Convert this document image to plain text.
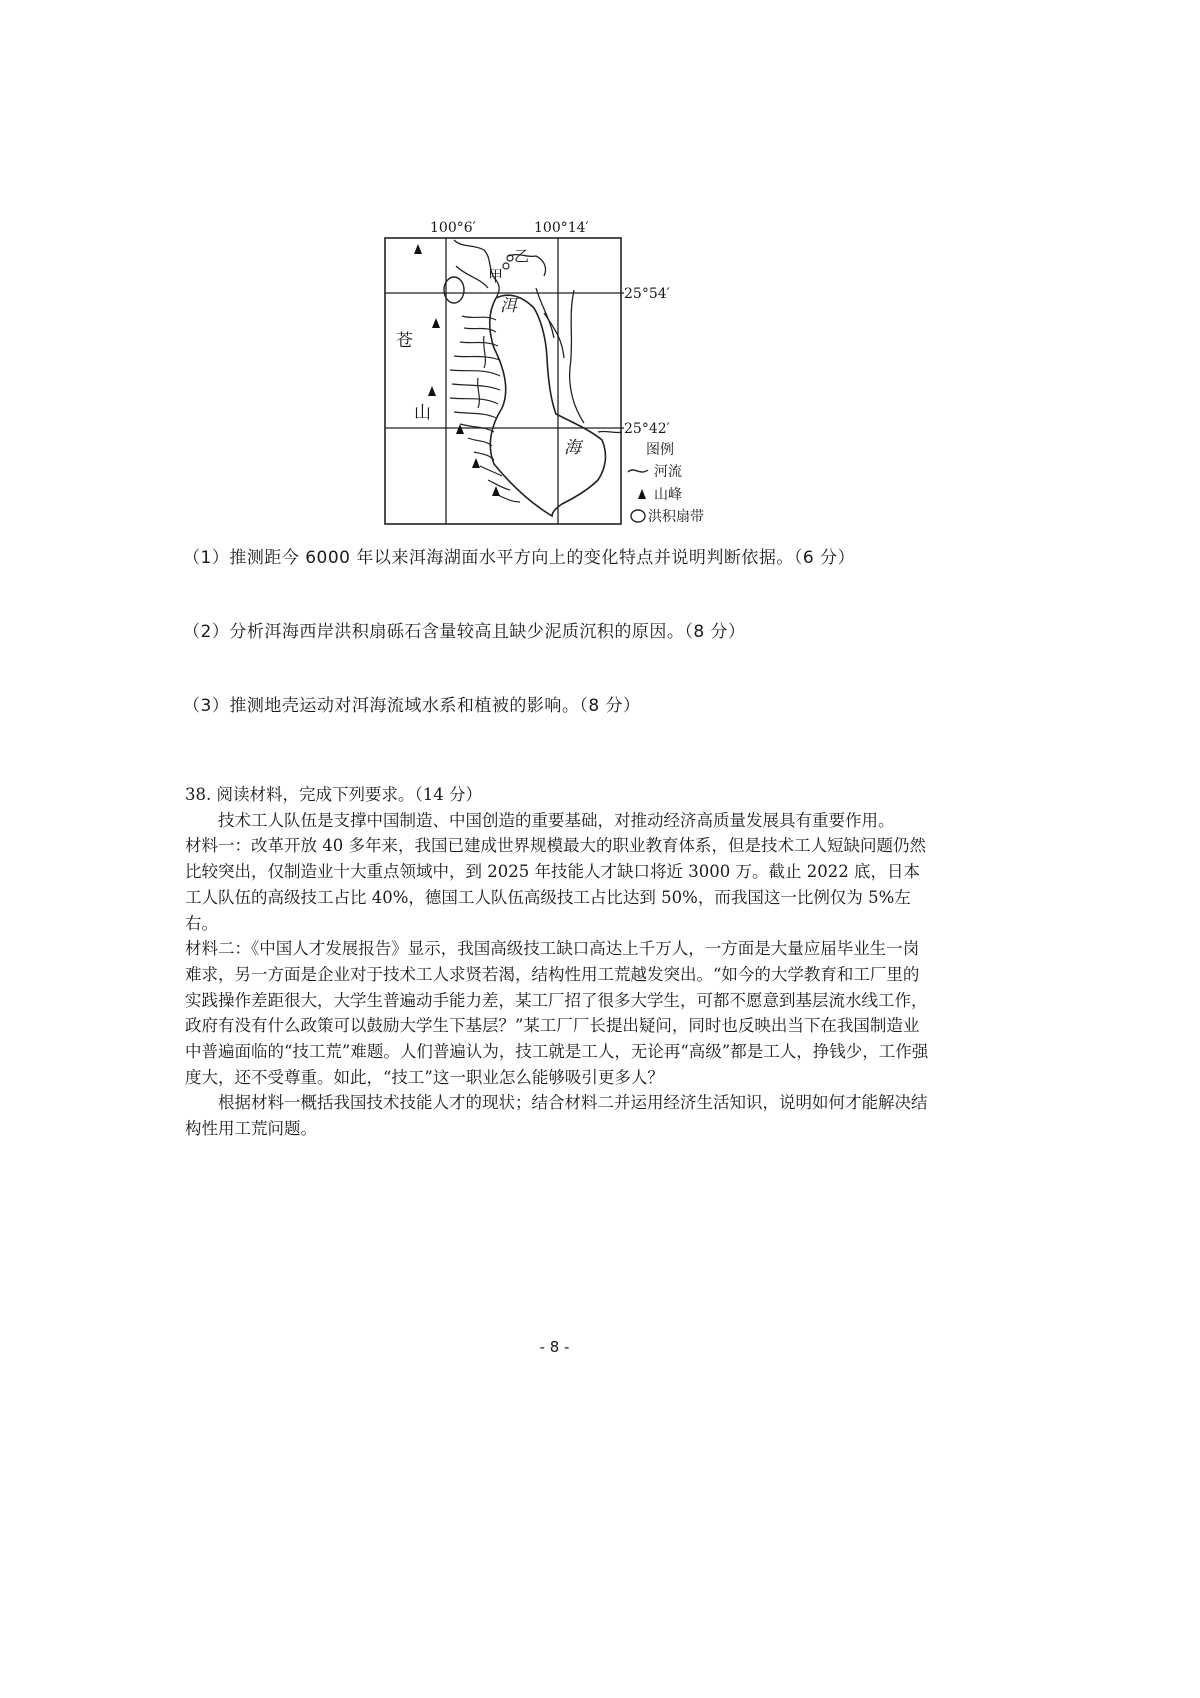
100°6′	100°14′
25°54′
25°42′
乙
甲
洱
海
苍
山
图例
河流
山峰
洪积扇带
（1）推测距今 6000 年以来洱海湖面水平方向上的变化特点并说明判断依据。（6 分）
（2）分析洱海西岸洪积扇砾石含量较高且缺少泥质沉积的原因。（8 分）
（3）推测地壳运动对洱海流域水系和植被的影响。（8 分）

38. 阅读材料，完成下列要求。（14 分）

技术工人队伍是支撑中国制造、中国创造的重要基础，对推动经济高质量发展具有重要作用。

材料一：改革开放 40 多年来，我国已建成世界规模最大的职业教育体系，但是技术工人短缺问题仍然比较突出，仅制造业十大重点领域中，到 2025 年技能人才缺口将近 3000 万。截止 2022 底，日本工人队伍的高级技工占比 40%，德国工人队伍高级技工占比达到 50%，而我国这一比例仅为 5%左右。

材料二：《中国人才发展报告》显示，我国高级技工缺口高达上千万人，一方面是大量应届毕业生一岗难求，另一方面是企业对于技术工人求贤若渴，结构性用工荒越发突出。“如今的大学教育和工厂里的实践操作差距很大，大学生普遍动手能力差，某工厂招了很多大学生，可都不愿意到基层流水线工作，政府有没有什么政策可以鼓励大学生下基层？”某工厂厂长提出疑问，同时也反映出当下在我国制造业中普遍面临的“技工荒”难题。人们普遍认为，技工就是工人，无论再“高级”都是工人，挣钱少，工作强度大，还不受尊重。如此，“技工”这一职业怎么能够吸引更多人？

根据材料一概括我国技术技能人才的现状；结合材料二并运用经济生活知识，说明如何才能解决结构性用工荒问题。

- 8 -
